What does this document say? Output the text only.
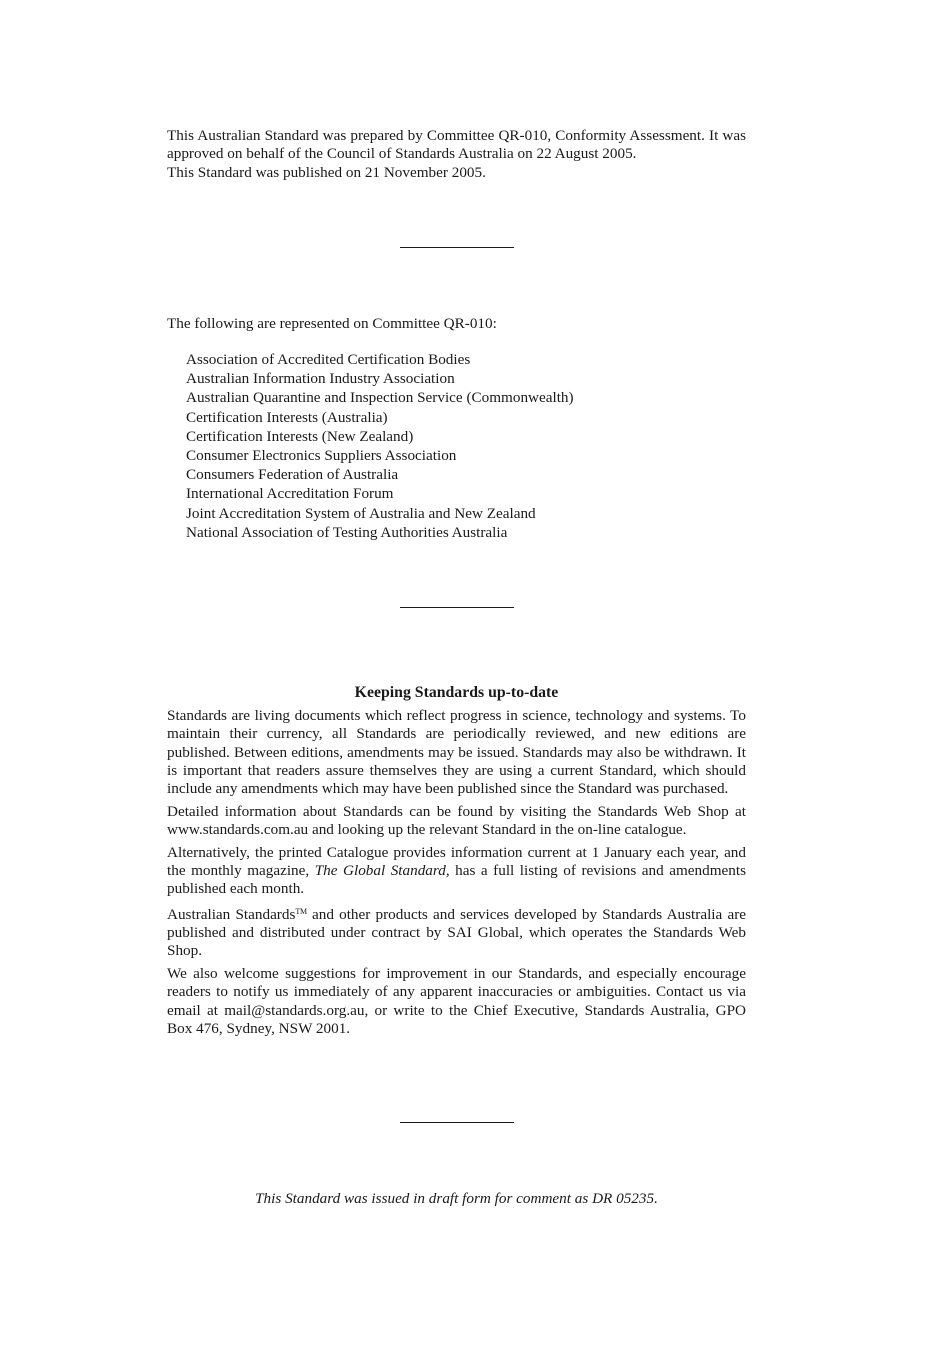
This Australian Standard was prepared by Committee QR-010, Conformity Assessment. It was approved on behalf of the Council of Standards Australia on 22 August 2005.

This Standard was published on 21 November 2005.

The following are represented on Committee QR-010:

Association of Accredited Certification Bodies
Australian Information Industry Association
Australian Quarantine and Inspection Service (Commonwealth)
Certification Interests (Australia)
Certification Interests (New Zealand)
Consumer Electronics Suppliers Association
Consumers Federation of Australia
International Accreditation Forum
Joint Accreditation System of Australia and New Zealand
National Association of Testing Authorities Australia
Keeping Standards up-to-date

Standards are living documents which reflect progress in science, technology and systems. To maintain their currency, all Standards are periodically reviewed, and new editions are published. Between editions, amendments may be issued. Standards may also be withdrawn. It is important that readers assure themselves they are using a current Standard, which should include any amendments which may have been published since the Standard was purchased.

Detailed information about Standards can be found by visiting the Standards Web Shop at www.standards.com.au and looking up the relevant Standard in the on-line catalogue.

Alternatively, the printed Catalogue provides information current at 1 January each year, and the monthly magazine, The Global Standard, has a full listing of revisions and amendments published each month.

Australian Standards™ and other products and services developed by Standards Australia are published and distributed under contract by SAI Global, which operates the Standards Web Shop.

We also welcome suggestions for improvement in our Standards, and especially encourage readers to notify us immediately of any apparent inaccuracies or ambiguities. Contact us via email at mail@standards.org.au, or write to the Chief Executive, Standards Australia, GPO Box 476, Sydney, NSW 2001.

This Standard was issued in draft form for comment as DR 05235.
